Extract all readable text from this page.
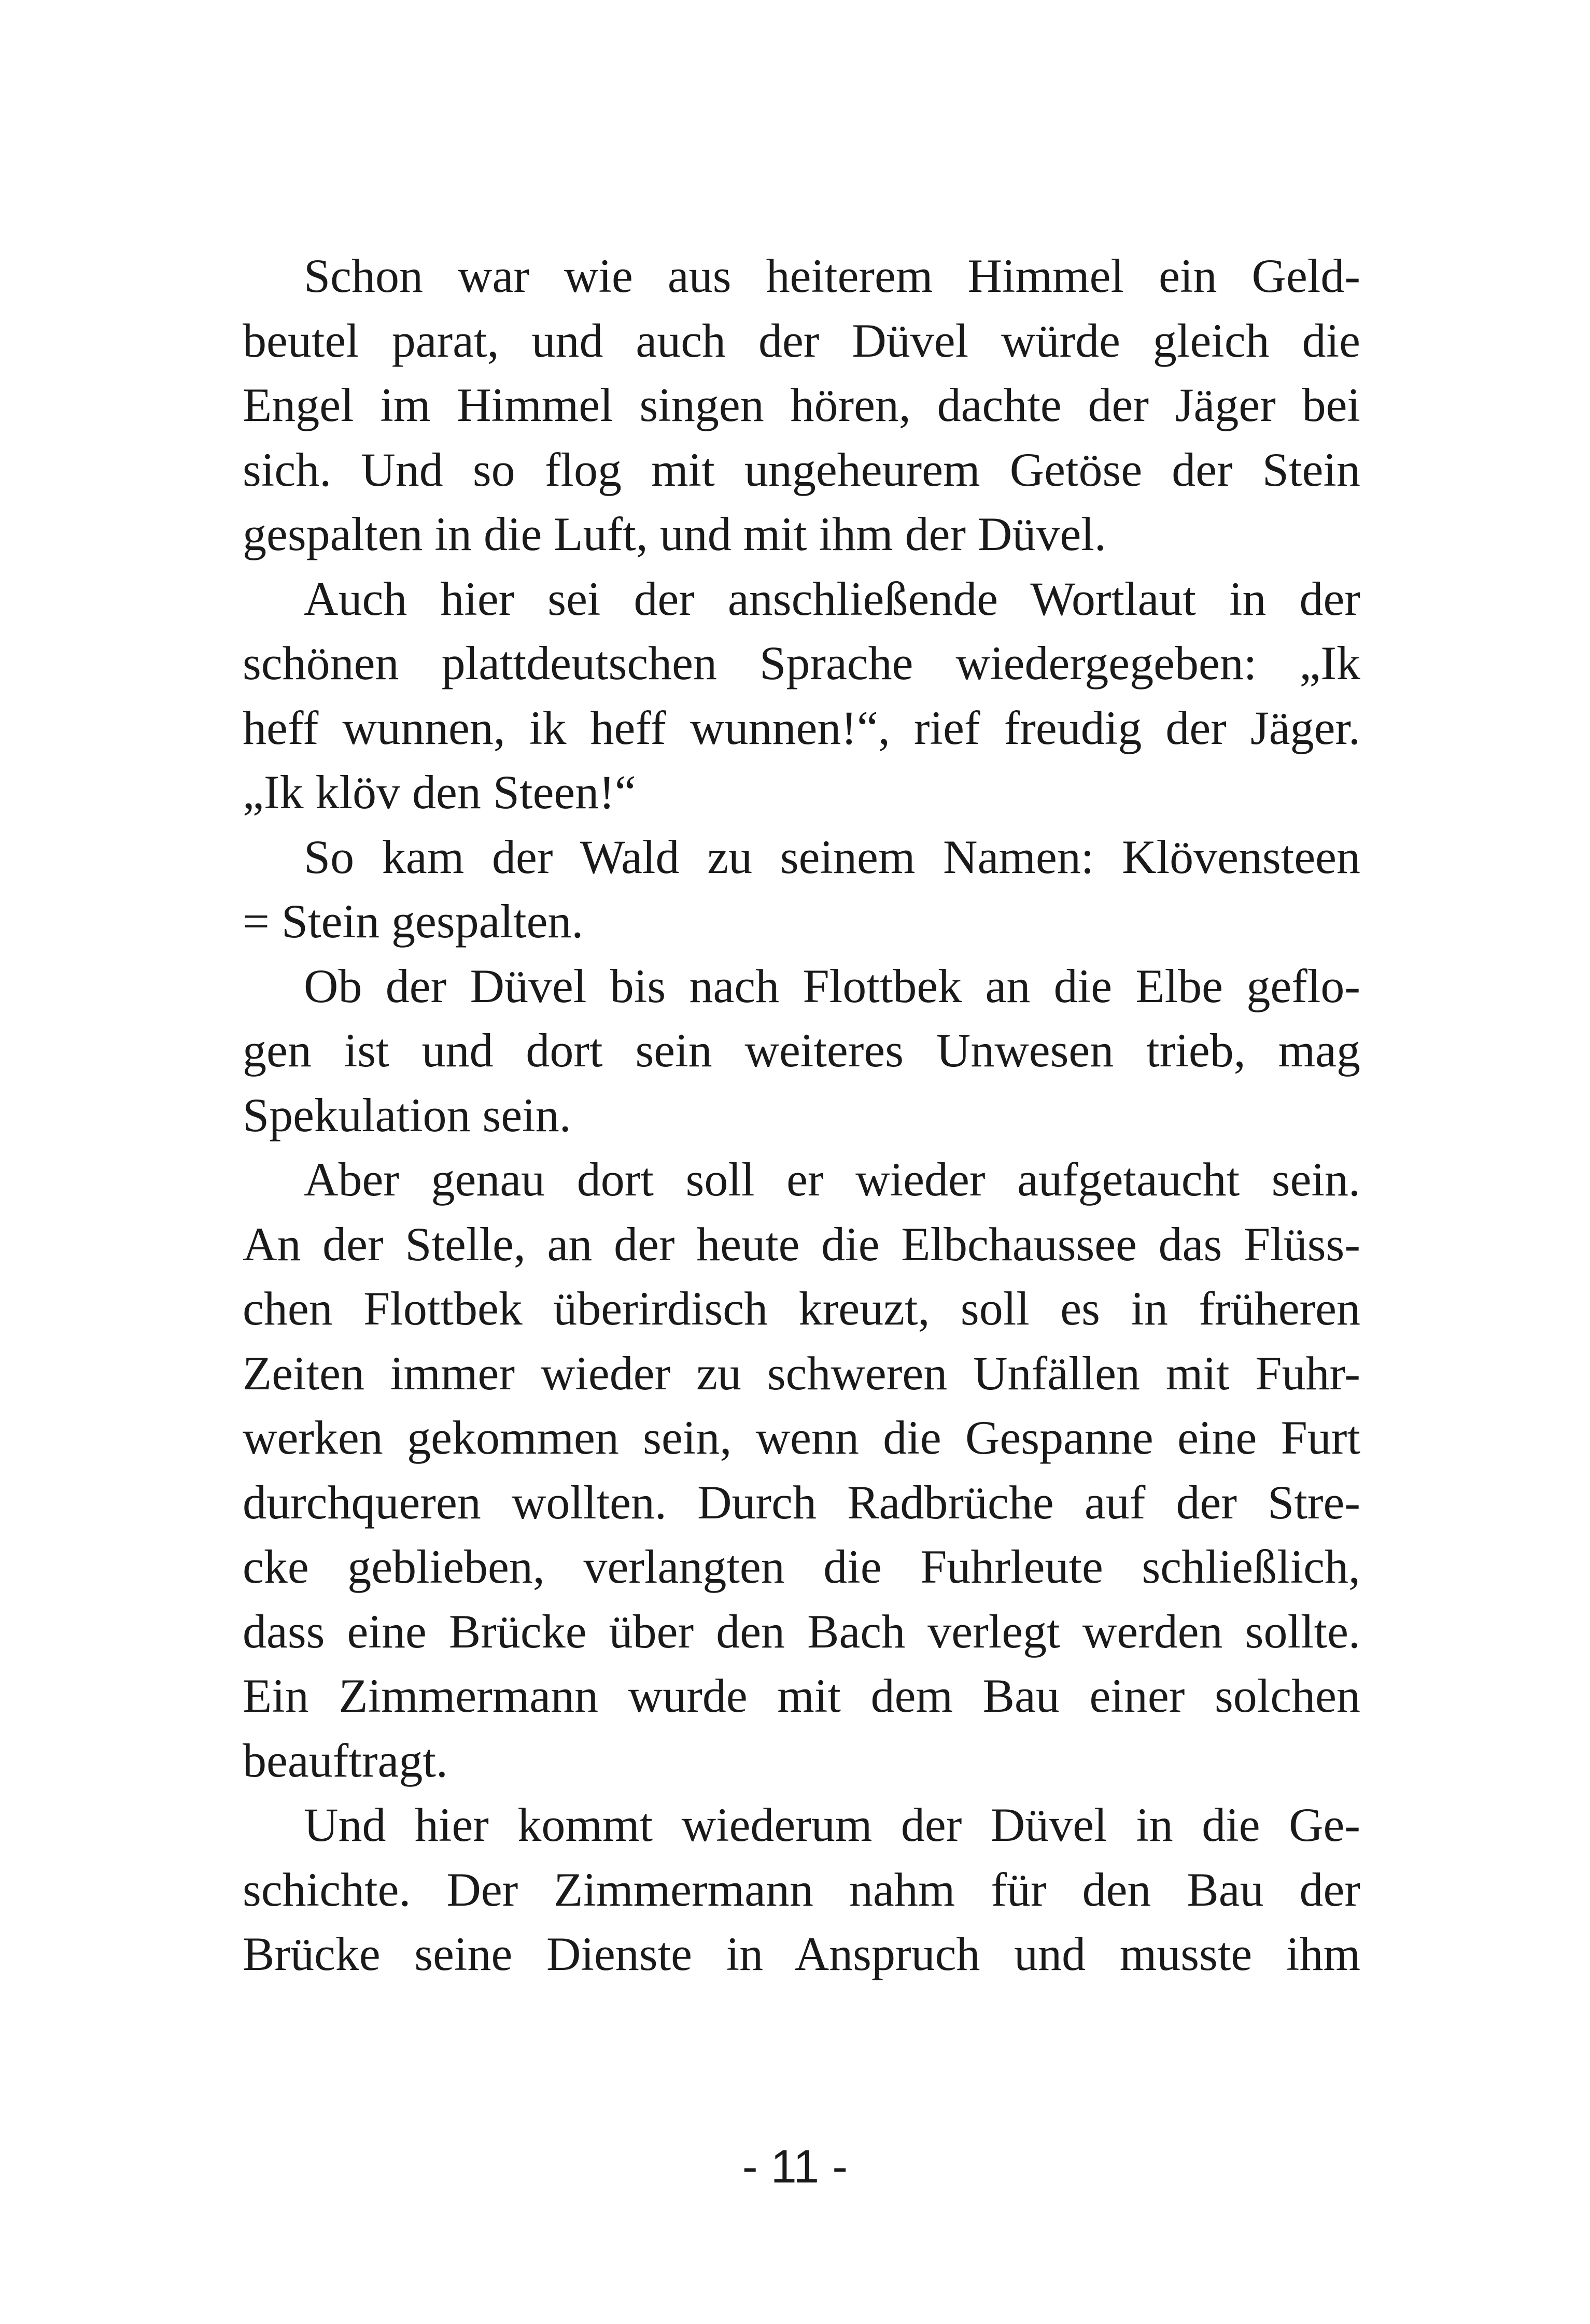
Schon war wie aus heiterem Himmel ein Geld-
beutel parat, und auch der Düvel würde gleich die
Engel im Himmel singen hören, dachte der Jäger bei
sich. Und so flog mit ungeheurem Getöse der Stein
gespalten in die Luft, und mit ihm der Düvel.
Auch hier sei der anschließende Wortlaut in der
schönen plattdeutschen Sprache wiedergegeben: „Ik
heff wunnen, ik heff wunnen!“, rief freudig der Jäger.
„Ik klöv den Steen!“
So kam der Wald zu seinem Namen: Klövensteen
= Stein gespalten.
Ob der Düvel bis nach Flottbek an die Elbe geflo-
gen ist und dort sein weiteres Unwesen trieb, mag
Spekulation sein.
Aber genau dort soll er wieder aufgetaucht sein.
An der Stelle, an der heute die Elbchaussee das Flüss-
chen Flottbek überirdisch kreuzt, soll es in früheren
Zeiten immer wieder zu schweren Unfällen mit Fuhr-
werken gekommen sein, wenn die Gespanne eine Furt
durchqueren wollten. Durch Radbrüche auf der Stre-
cke geblieben, verlangten die Fuhrleute schließlich,
dass eine Brücke über den Bach verlegt werden sollte.
Ein Zimmermann wurde mit dem Bau einer solchen
beauftragt.
Und hier kommt wiederum der Düvel in die Ge-
schichte. Der Zimmermann nahm für den Bau der
Brücke seine Dienste in Anspruch und musste ihm
- 11 -
